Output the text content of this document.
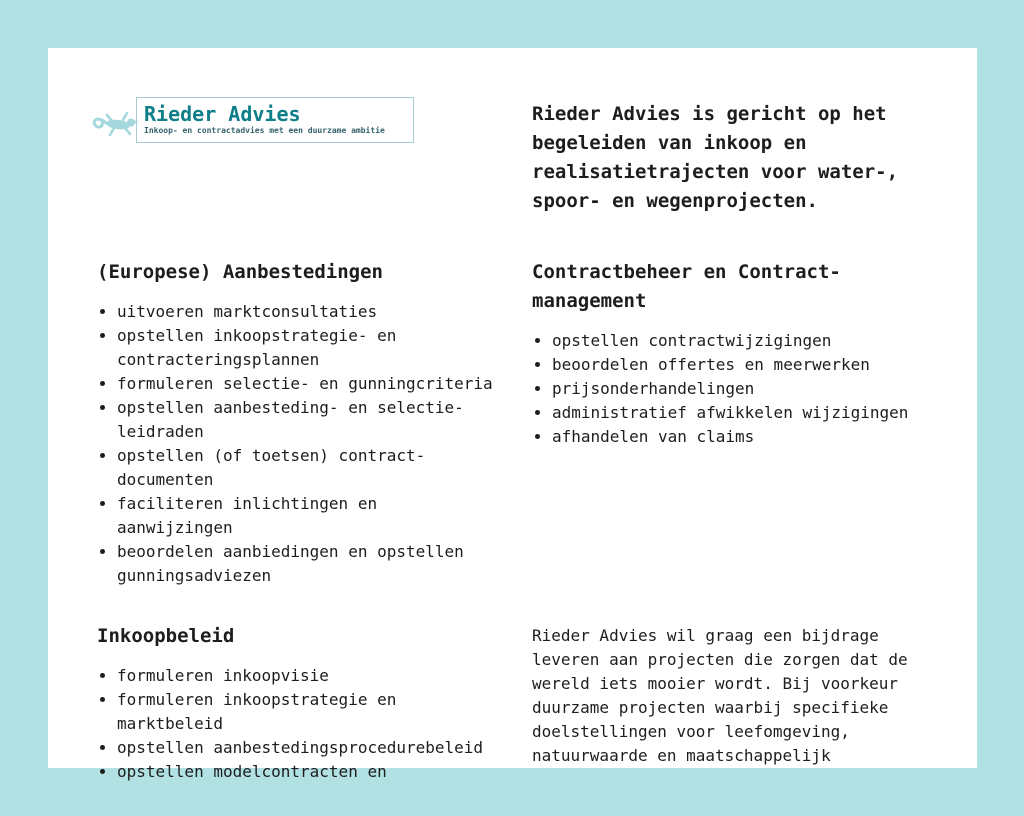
Rieder Advies
Inkoop- en contractadvies met een duurzame ambitie

Rieder Advies is gericht op het begeleiden van inkoop en realisatietrajecten voor water-, spoor- en wegenprojecten.

(Europese) Aanbestedingen
• uitvoeren marktconsultaties
• opstellen inkoopstrategie- en contracteringsplannen
• formuleren selectie- en gunningcriteria
• opstellen aanbesteding- en selectie-leidraden
• opstellen (of toetsen) contract-documenten
• faciliteren inlichtingen en aanwijzingen
• beoordelen aanbiedingen en opstellen gunningsadviezen
Contractbeheer en Contract-management
• opstellen contractwijzigingen
• beoordelen offertes en meerwerken
• prijsonderhandelingen
• administratief afwikkelen wijzigingen
• afhandelen van claims
Inkoopbeleid
• formuleren inkoopvisie
• formuleren inkoopstrategie en marktbeleid
• opstellen aanbestedingsprocedurebeleid
• opstellen modelcontracten en

Rieder Advies wil graag een bijdrage leveren aan projecten die zorgen dat de wereld iets mooier wordt. Bij voorkeur duurzame projecten waarbij specifieke doelstellingen voor leefomgeving, natuurwaarde en maatschappelijk
